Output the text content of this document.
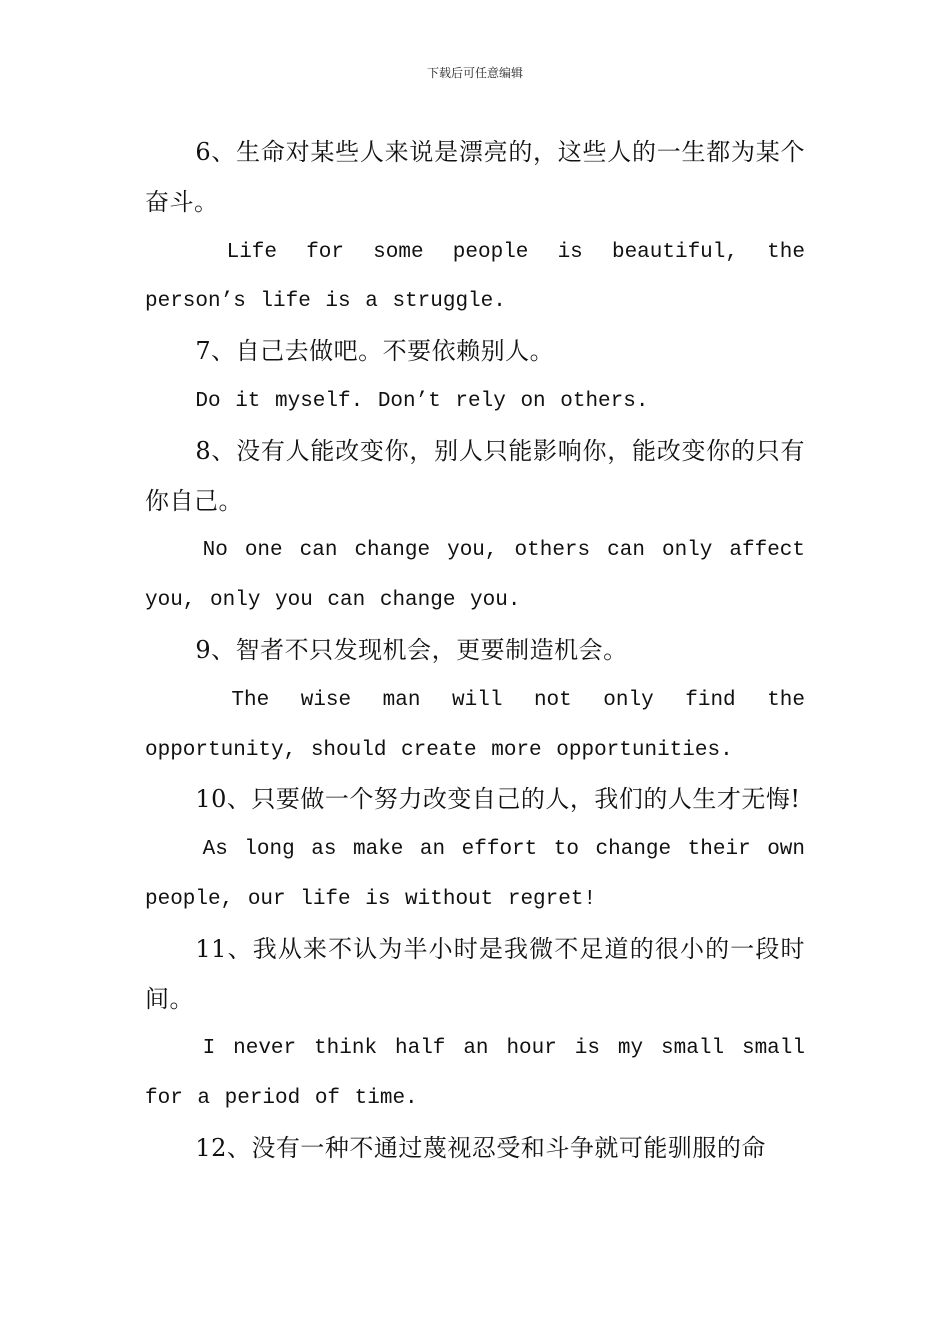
下载后可任意编辑

6、生命对某些人来说是漂亮的，这些人的一生都为某个奋斗。

Life for some people is beautiful, the person’s life is a struggle.

7、自己去做吧。不要依赖别人。

Do it myself. Don’t rely on others.

8、没有人能改变你，别人只能影响你，能改变你的只有你自己。

No one can change you, others can only affect you, only you can change you.

9、智者不只发现机会，更要制造机会。

The wise man will not only find the opportunity, should create more opportunities.

10、只要做一个努力改变自己的人，我们的人生才无悔!

As long as make an effort to change their own people, our life is without regret!

11、我从来不认为半小时是我微不足道的很小的一段时间。

I never think half an hour is my small small for a period of time.

12、没有一种不通过蔑视忍受和斗争就可能驯服的命
